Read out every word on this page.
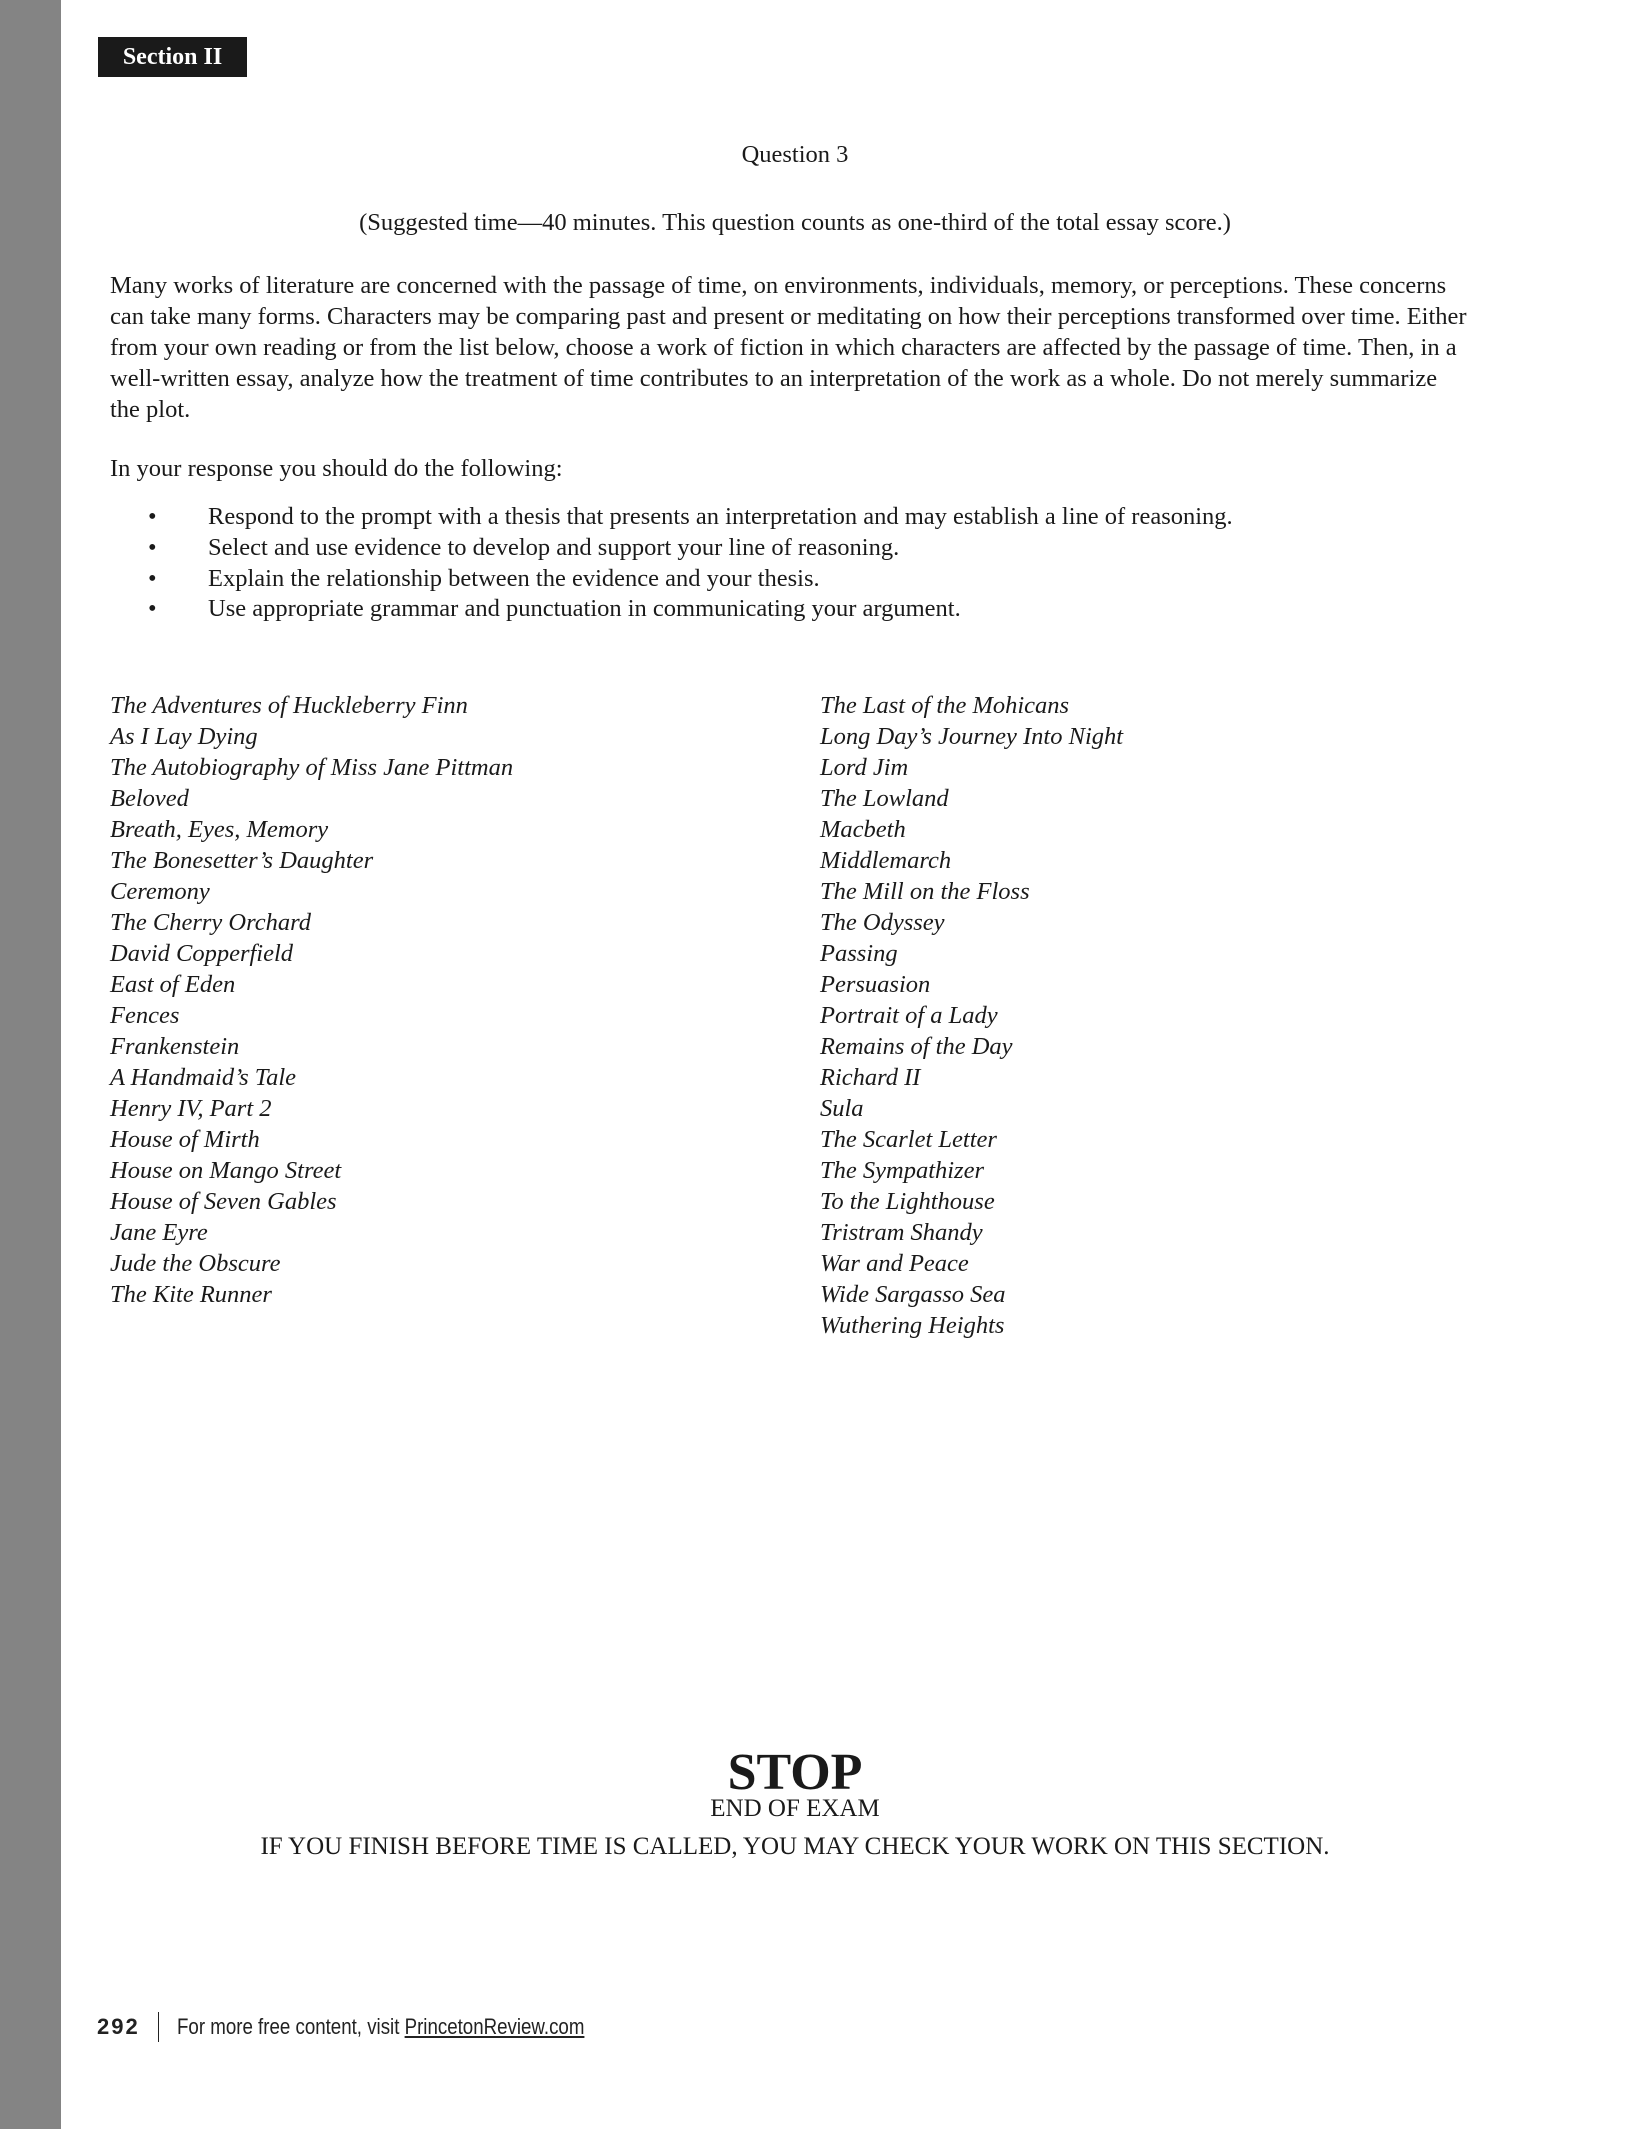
Section II
Question 3
(Suggested time—40 minutes. This question counts as one-third of the total essay score.)
Many works of literature are concerned with the passage of time, on environments, individuals, memory, or perceptions. These concerns can take many forms. Characters may be comparing past and present or meditating on how their perceptions transformed over time. Either from your own reading or from the list below, choose a work of fiction in which characters are affected by the passage of time. Then, in a well-written essay, analyze how the treatment of time contributes to an interpretation of the work as a whole. Do not merely summarize the plot.
In your response you should do the following:
• Respond to the prompt with a thesis that presents an interpretation and may establish a line of reasoning.
• Select and use evidence to develop and support your line of reasoning.
• Explain the relationship between the evidence and your thesis.
• Use appropriate grammar and punctuation in communicating your argument.
The Adventures of Huckleberry Finn
As I Lay Dying
The Autobiography of Miss Jane Pittman
Beloved
Breath, Eyes, Memory
The Bonesetter’s Daughter
Ceremony
The Cherry Orchard
David Copperfield
East of Eden
Fences
Frankenstein
A Handmaid’s Tale
Henry IV, Part 2
House of Mirth
House on Mango Street
House of Seven Gables
Jane Eyre
Jude the Obscure
The Kite Runner
The Last of the Mohicans
Long Day’s Journey Into Night
Lord Jim
The Lowland
Macbeth
Middlemarch
The Mill on the Floss
The Odyssey
Passing
Persuasion
Portrait of a Lady
Remains of the Day
Richard II
Sula
The Scarlet Letter
The Sympathizer
To the Lighthouse
Tristram Shandy
War and Peace
Wide Sargasso Sea
Wuthering Heights
STOP
END OF EXAM
IF YOU FINISH BEFORE TIME IS CALLED, YOU MAY CHECK YOUR WORK ON THIS SECTION.
292 For more free content, visit PrincetonReview.com
